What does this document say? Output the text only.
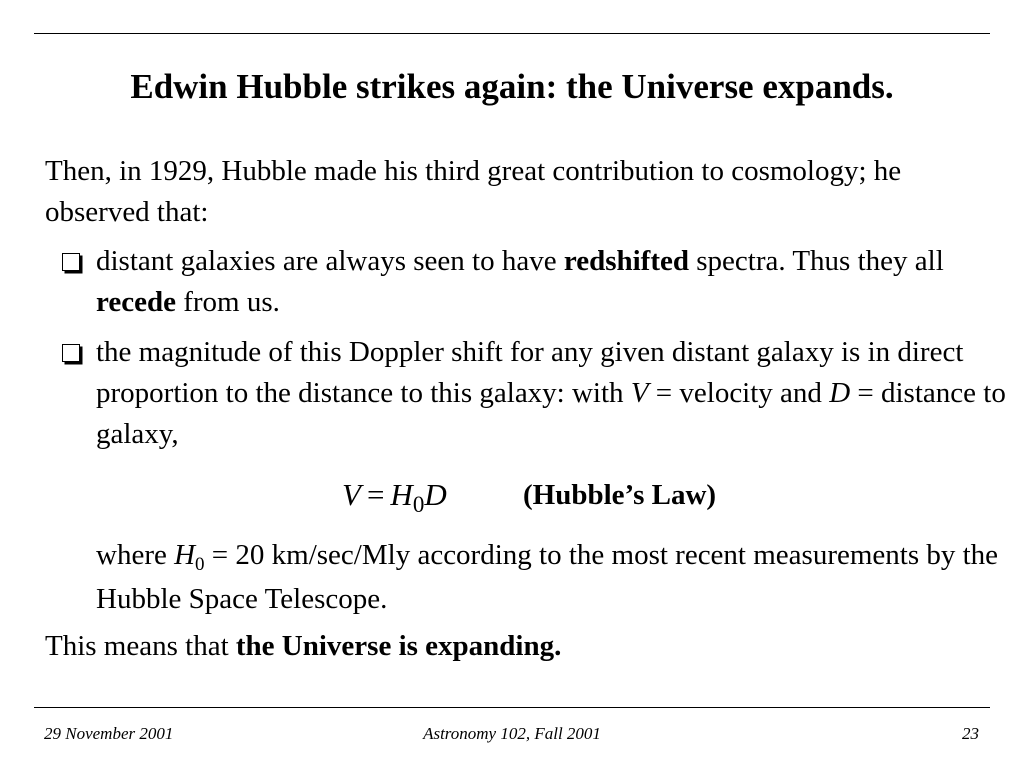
Edwin Hubble strikes again: the Universe expands.
Then, in 1929, Hubble made his third great contribution to cosmology; he observed that:
distant galaxies are always seen to have redshifted spectra. Thus they all recede from us.
the magnitude of this Doppler shift for any given distant galaxy is in direct proportion to the distance to this galaxy: with V = velocity and D = distance to galaxy,
$V = H_0D$	(Hubble’s Law)
where $H_0 = 20$ km/sec/Mly according to the most recent measurements by the Hubble Space Telescope.
This means that the Universe is expanding.
29 November 2001	Astronomy 102, Fall 2001	23
